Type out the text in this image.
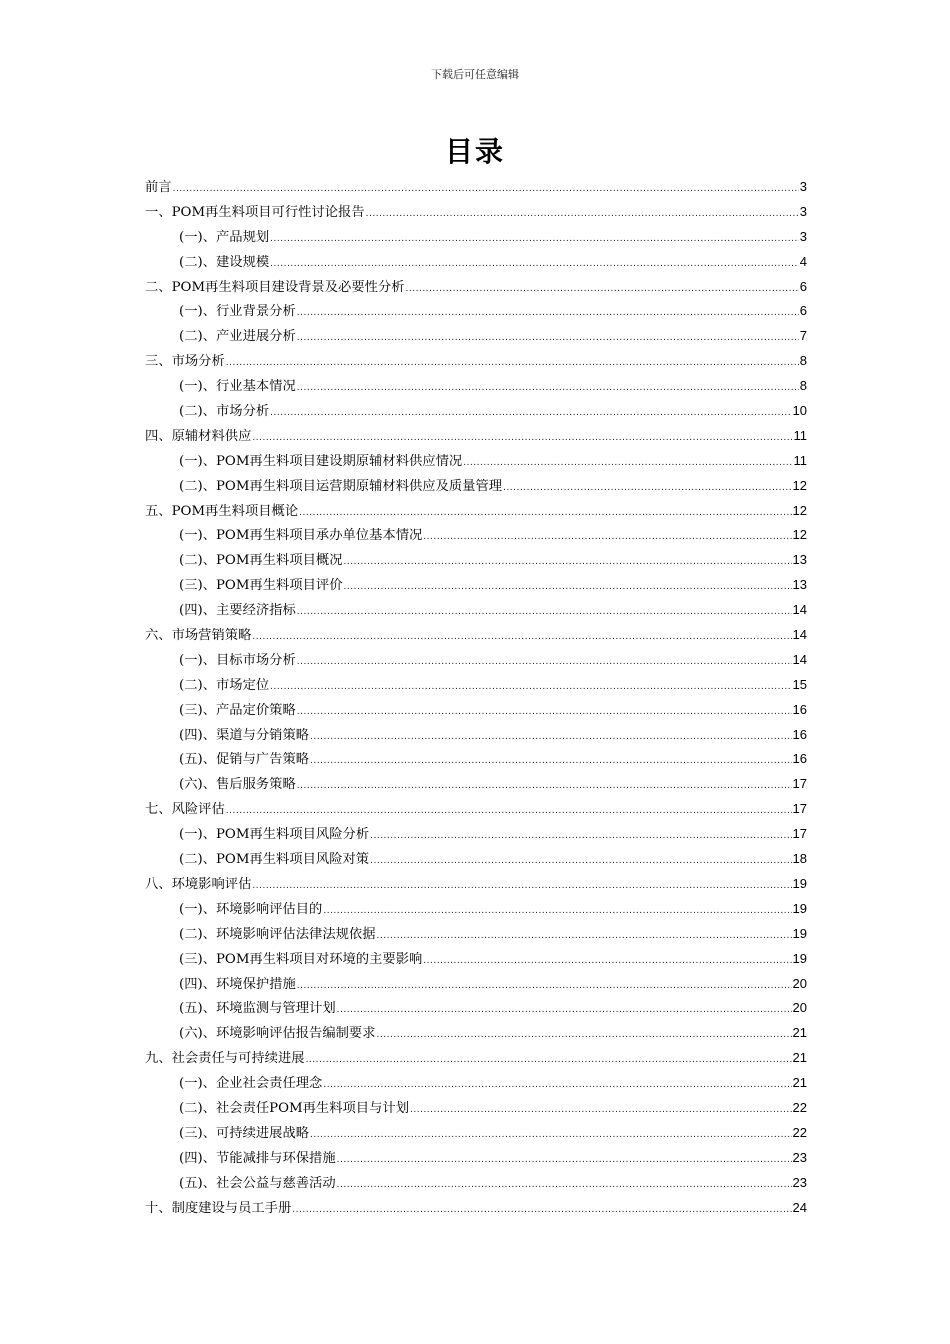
下载后可任意编辑
目录
前言 .....	3
一、POM再生料项目可行性讨论报告 .....	3
(一)、产品规划 .....	3
(二)、建设规模 .....	4
二、POM再生料项目建设背景及必要性分析 .....	6
(一)、行业背景分析 .....	6
(二)、产业进展分析 .....	7
三、市场分析 .....	8
(一)、行业基本情况 .....	8
(二)、市场分析 .....	10
四、原辅材料供应 .....	11
(一)、POM再生料项目建设期原辅材料供应情况 .....	11
(二)、POM再生料项目运营期原辅材料供应及质量管理 .....	12
五、POM再生料项目概论 .....	12
(一)、POM再生料项目承办单位基本情况 .....	12
(二)、POM再生料项目概况 .....	13
(三)、POM再生料项目评价 .....	13
(四)、主要经济指标 .....	14
六、市场营销策略 .....	14
(一)、目标市场分析 .....	14
(二)、市场定位 .....	15
(三)、产品定价策略 .....	16
(四)、渠道与分销策略 .....	16
(五)、促销与广告策略 .....	16
(六)、售后服务策略 .....	17
七、风险评估 .....	17
(一)、POM再生料项目风险分析 .....	17
(二)、POM再生料项目风险对策 .....	18
八、环境影响评估 .....	19
(一)、环境影响评估目的 .....	19
(二)、环境影响评估法律法规依据 .....	19
(三)、POM再生料项目对环境的主要影响 .....	19
(四)、环境保护措施 .....	20
(五)、环境监测与管理计划 .....	20
(六)、环境影响评估报告编制要求 .....	21
九、社会责任与可持续进展 .....	21
(一)、企业社会责任理念 .....	21
(二)、社会责任POM再生料项目与计划 .....	22
(三)、可持续进展战略 .....	22
(四)、节能减排与环保措施 .....	23
(五)、社会公益与慈善活动 .....	23
十、制度建设与员工手册 .....	24
